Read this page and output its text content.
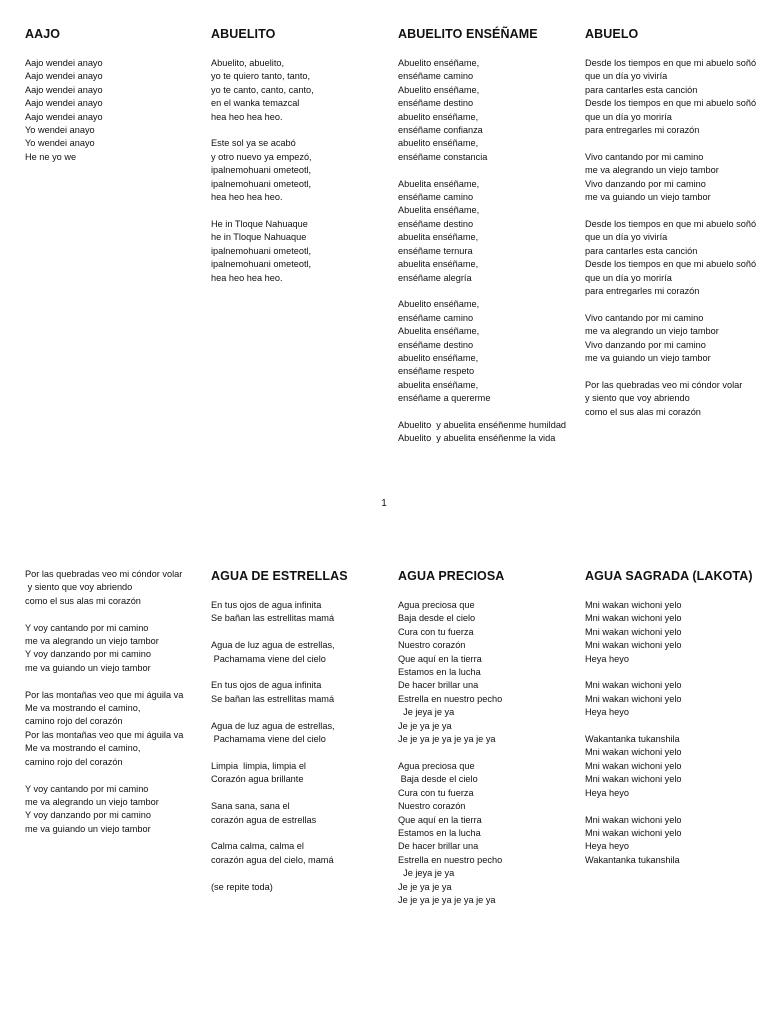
AAJO
Aajo wendei anayo
Aajo wendei anayo
Aajo wendei anayo
Aajo wendei anayo
Aajo wendei anayo
Yo wendei anayo
Yo wendei anayo
He ne yo we
ABUELITO
Abuelito, abuelito,
yo te quiero tanto, tanto,
yo te canto, canto, canto,
en el wanka temazcal
hea heo hea heo.

Este sol ya se acabó
y otro nuevo ya empezó,
ipalnemohuani ometeotl,
ipalnemohuani ometeotl,
hea heo hea heo.

He in Tloque Nahuaque
he in Tloque Nahuaque
ipalnemohuani ometeotl,
ipalnemohuani ometeotl,
hea heo hea heo.
ABUELITO ENSÉÑAME
Abuelito enséñame,
enséñame camino
Abuelito enséñame,
enséñame destino
abuelito enséñame,
enséñame confianza
abuelito enséñame,
enséñame constancia

Abuelita enséñame,
enséñame camino
Abuelita enséñame,
enséñame destino
abuelita enséñame,
enséñame ternura
abuelita enséñame,
enséñame alegría

Abuelito enséñame,
enséñame camino
Abuelita enséñame,
enséñame destino
abuelito enséñame,
enséñame respeto
abuelita enséñame,
enséñame a quererme

Abuelito  y abuelita enséñenme humildad
Abuelito  y abuelita enséñenme la vida
ABUELO
Desde los tiempos en que mi abuelo soñó
que un día yo viviría
para cantarles esta canción
Desde los tiempos en que mi abuelo soñó
que un día yo moriría
para entregarles mi corazón

Vivo cantando por mi camino
me va alegrando un viejo tambor
Vivo danzando por mi camino
me va guiando un viejo tambor

Desde los tiempos en que mi abuelo soñó
que un día yo viviría
para cantarles esta canción
Desde los tiempos en que mi abuelo soñó
que un día yo moriría
para entregarles mi corazón

Vivo cantando por mi camino
me va alegrando un viejo tambor
Vivo danzando por mi camino
me va guiando un viejo tambor

Por las quebradas veo mi cóndor volar
y siento que voy abriendo
como el sus alas mi corazón
1
Por las quebradas veo mi cóndor volar
y siento que voy abriendo
como el sus alas mi corazón

Y voy cantando por mi camino
me va alegrando un viejo tambor
Y voy danzando por mi camino
me va guiando un viejo tambor

Por las montañas veo que mi águila va
Me va mostrando el camino,
camino rojo del corazón
Por las montañas veo que mi águila va
Me va mostrando el camino,
camino rojo del corazón

Y voy cantando por mi camino
me va alegrando un viejo tambor
Y voy danzando por mi camino
me va guiando un viejo tambor
AGUA DE ESTRELLAS
En tus ojos de agua infinita
Se bañan las estrellitas mamá

Agua de luz agua de estrellas,
Pachamama viene del cielo

En tus ojos de agua infinita
Se bañan las estrellitas mamá

Agua de luz agua de estrellas,
Pachamama viene del cielo

Limpia  limpia, limpia el
Corazón agua brillante

Sana sana, sana el
corazón agua de estrellas

Calma calma, calma el
corazón agua del cielo, mamá

(se repite toda)
AGUA PRECIOSA
Agua preciosa que
Baja desde el cielo
Cura con tu fuerza
Nuestro corazón
Que aquí en la tierra
Estamos en la lucha
De hacer brillar una
Estrella en nuestro pecho
Je jeya je ya
Je je ya je ya
Je je ya je ya je ya je ya

Agua preciosa que
Baja desde el cielo
Cura con tu fuerza
Nuestro corazón
Que aquí en la tierra
Estamos en la lucha
De hacer brillar una
Estrella en nuestro pecho
Je jeya je ya
Je je ya je ya
Je je ya je ya je ya je ya
AGUA SAGRADA (LAKOTA)
Mni wakan wichoni yelo
Mni wakan wichoni yelo
Mni wakan wichoni yelo
Mni wakan wichoni yelo
Heya heyo

Mni wakan wichoni yelo
Mni wakan wichoni yelo
Heya heyo

Wakantanka tukanshila
Mni wakan wichoni yelo
Mni wakan wichoni yelo
Mni wakan wichoni yelo
Heya heyo

Mni wakan wichoni yelo
Mni wakan wichoni yelo
Heya heyo
Wakantanka tukanshila
